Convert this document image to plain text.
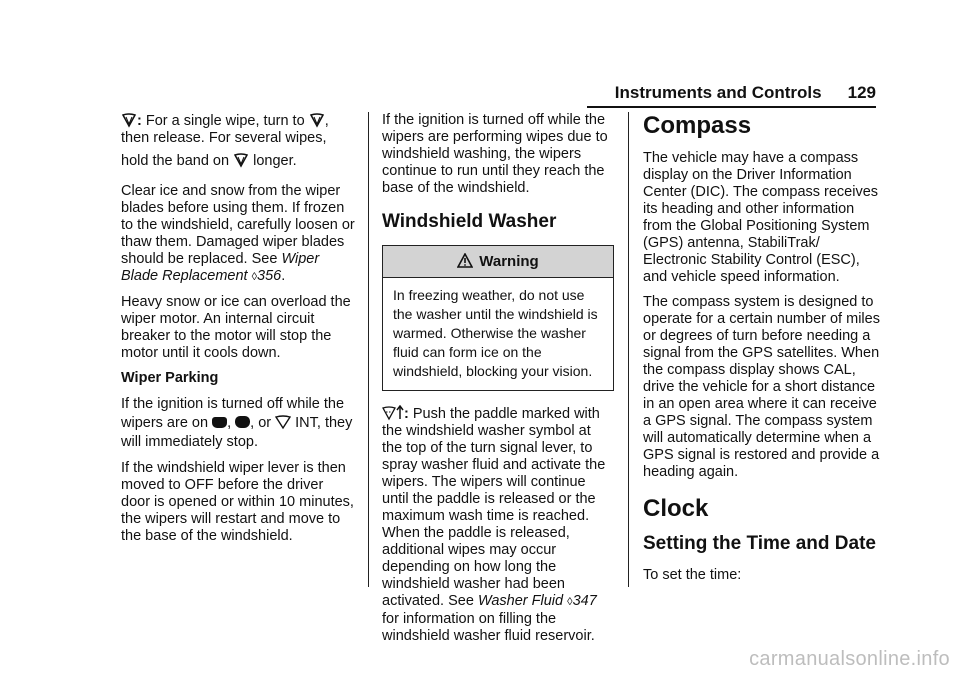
Instruments and Controls 129

: For a single wipe, turn to , then release. For several wipes,
hold the band on longer.

Clear ice and snow from the wiper blades before using them. If frozen to the windshield, carefully loosen or thaw them. Damaged wiper blades should be replaced. See Wiper Blade Replacement ◊356.

Heavy snow or ice can overload the wiper motor. An internal circuit breaker to the motor will stop the motor until it cools down.

Wiper Parking

If the ignition is turned off while the wipers are on , , or INT, they will immediately stop.

If the windshield wiper lever is then moved to OFF before the driver door is opened or within 10 minutes, the wipers will restart and move to the base of the windshield.

If the ignition is turned off while the wipers are performing wipes due to windshield washing, the wipers continue to run until they reach the base of the windshield.

Windshield Washer
Warning
In freezing weather, do not use the washer until the windshield is warmed. Otherwise the washer fluid can form ice on the windshield, blocking your vision.

: Push the paddle marked with the windshield washer symbol at the top of the turn signal lever, to spray washer fluid and activate the wipers. The wipers will continue until the paddle is released or the maximum wash time is reached. When the paddle is released, additional wipes may occur depending on how long the windshield washer had been activated. See Washer Fluid ◊347 for information on filling the windshield washer fluid reservoir.

Compass

The vehicle may have a compass display on the Driver Information Center (DIC). The compass receives its heading and other information from the Global Positioning System (GPS) antenna, StabiliTrak/ Electronic Stability Control (ESC), and vehicle speed information.

The compass system is designed to operate for a certain number of miles or degrees of turn before needing a signal from the GPS satellites. When the compass display shows CAL, drive the vehicle for a short distance in an open area where it can receive a GPS signal. The compass system will automatically determine when a GPS signal is restored and provide a heading again.

Clock
Setting the Time and Date

To set the time:

carmanualsonline.info
